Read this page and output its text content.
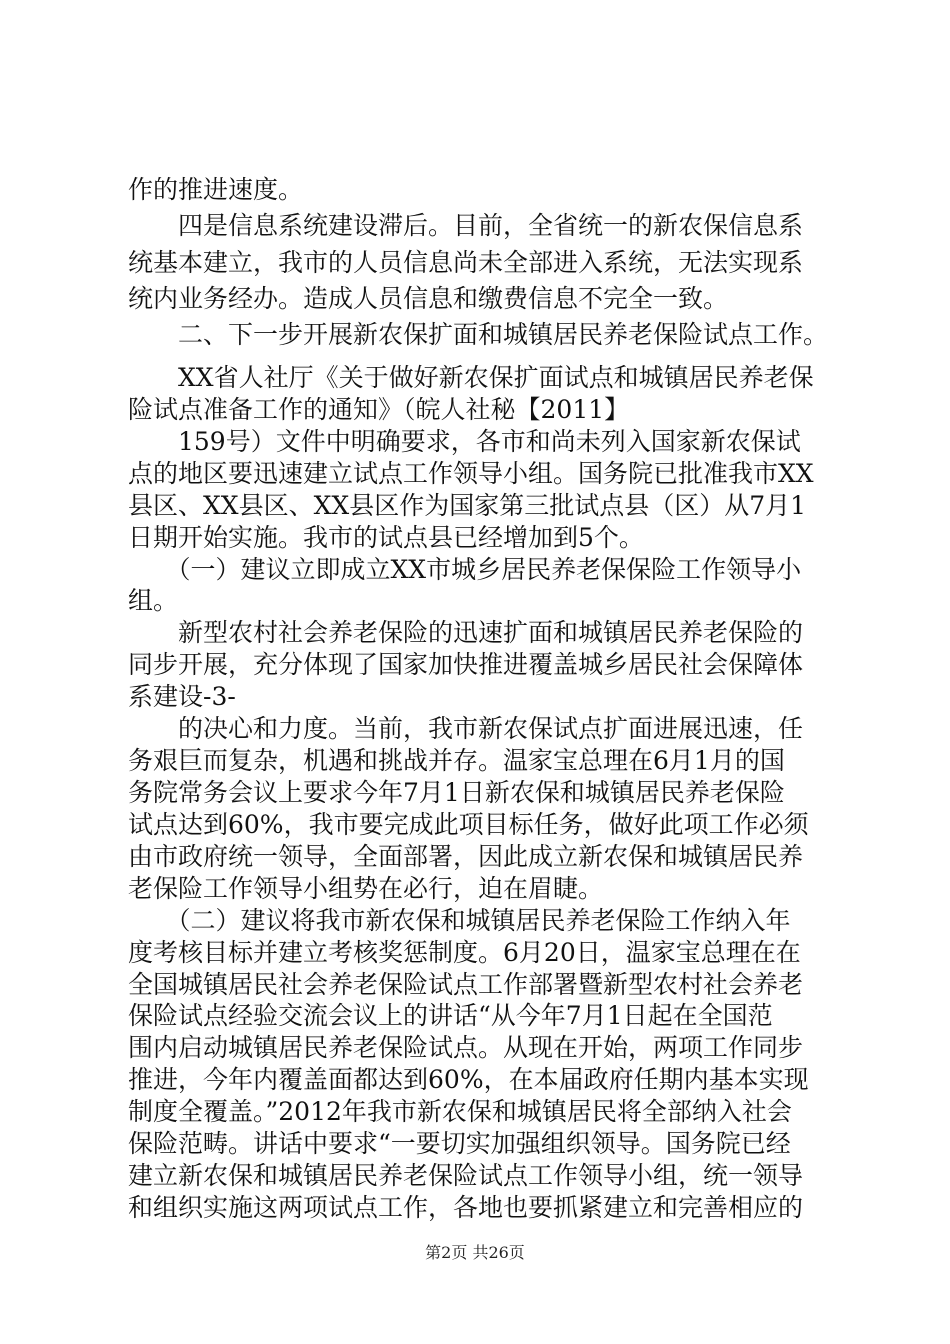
作的推进速度。
　　四是信息系统建设滞后。目前，全省统一的新农保信息系
统基本建立，我市的人员信息尚未全部进入系统，无法实现系
统内业务经办。造成人员信息和缴费信息不完全一致。
　　二、下一步开展新农保扩面和城镇居民养老保险试点工作。
　　XX省人社厅《关于做好新农保扩面试点和城镇居民养老保
险试点准备工作的通知》（皖人社秘【2011】
　　159号）文件中明确要求，各市和尚未列入国家新农保试
点的地区要迅速建立试点工作领导小组。国务院已批准我市XX
县区、XX县区、XX县区作为国家第三批试点县（区）从7月1
日期开始实施。我市的试点县已经增加到5个。
　　（一）建议立即成立XX市城乡居民养老保保险工作领导小
组。
　　新型农村社会养老保险的迅速扩面和城镇居民养老保险的
同步开展，充分体现了国家加快推进覆盖城乡居民社会保障体
系建设-3-
　　的决心和力度。当前，我市新农保试点扩面进展迅速，任
务艰巨而复杂，机遇和挑战并存。温家宝总理在6月1月的国
务院常务会议上要求今年7月1日新农保和城镇居民养老保险
试点达到60%，我市要完成此项目标任务，做好此项工作必须
由市政府统一领导，全面部署，因此成立新农保和城镇居民养
老保险工作领导小组势在必行，迫在眉睫。
　　（二）建议将我市新农保和城镇居民养老保险工作纳入年
度考核目标并建立考核奖惩制度。6月20日，温家宝总理在在
全国城镇居民社会养老保险试点工作部署暨新型农村社会养老
保险试点经验交流会议上的讲话“从今年7月1日起在全国范
围内启动城镇居民养老保险试点。从现在开始，两项工作同步
推进，今年内覆盖面都达到60%，在本届政府任期内基本实现
制度全覆盖。”2012年我市新农保和城镇居民将全部纳入社会
保险范畴。讲话中要求“一要切实加强组织领导。国务院已经
建立新农保和城镇居民养老保险试点工作领导小组，统一领导
和组织实施这两项试点工作，各地也要抓紧建立和完善相应的
第2页 共26页
